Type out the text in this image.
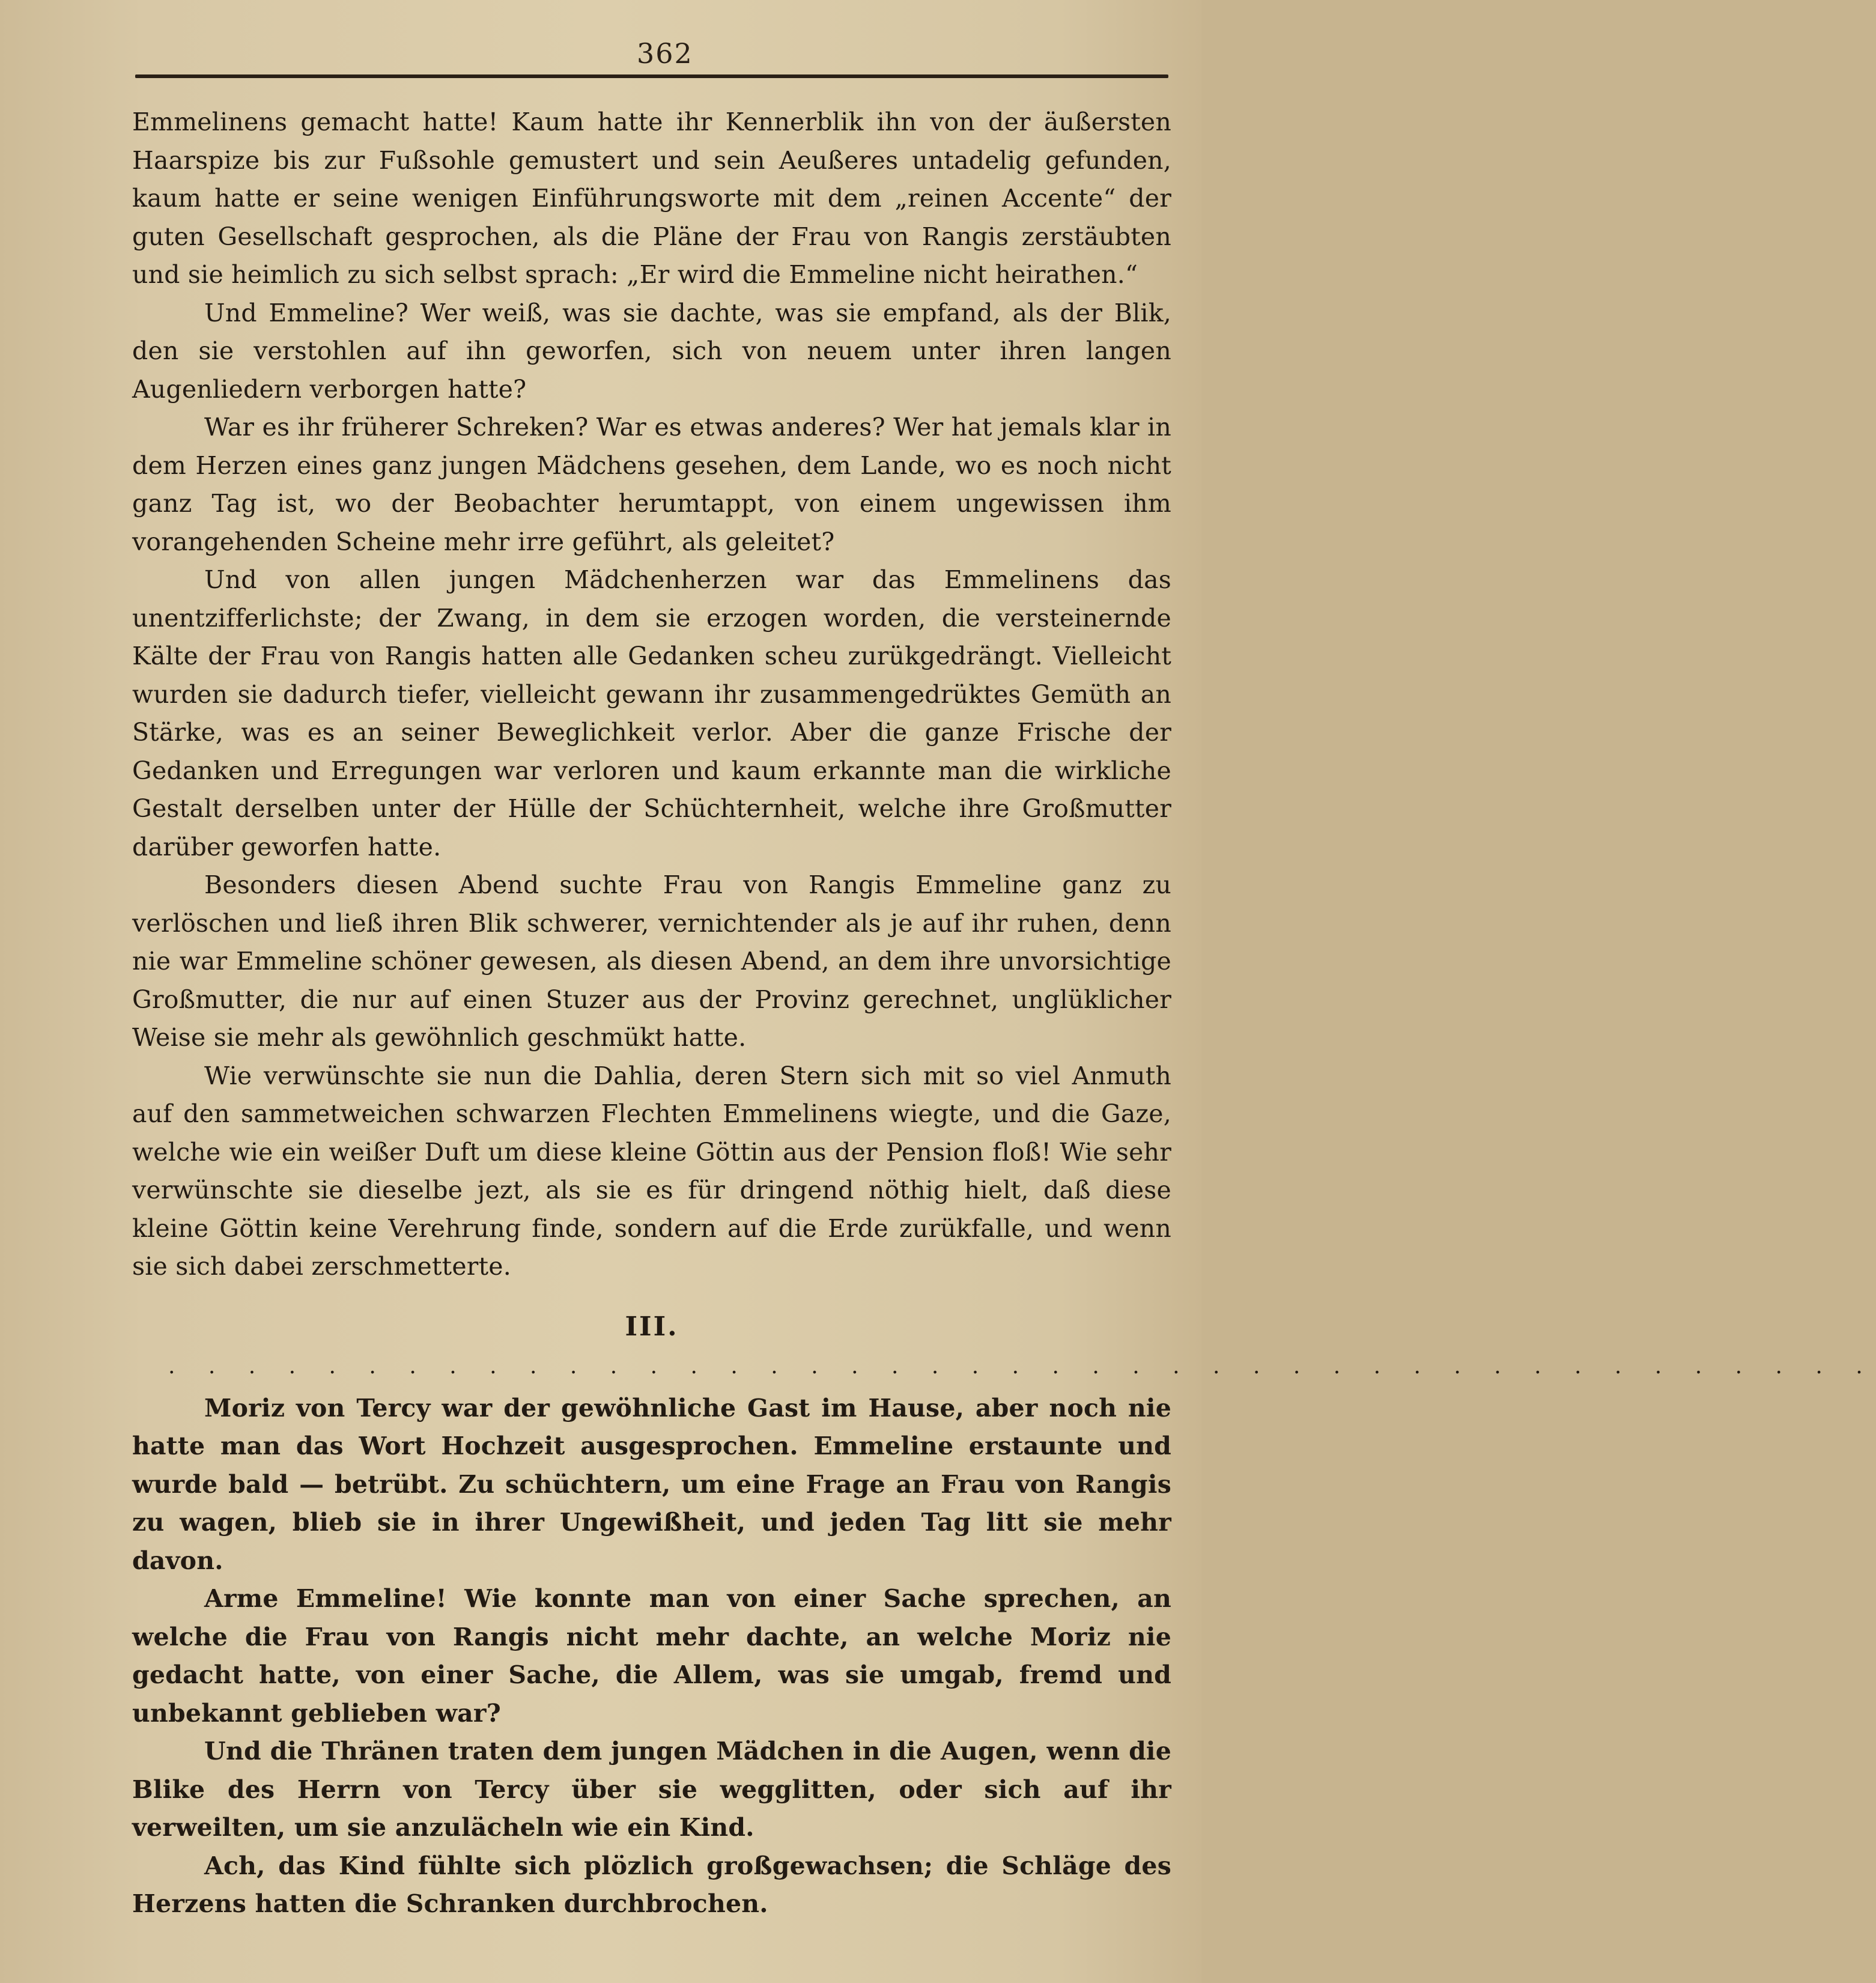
362

Emmelinens gemacht hatte! Kaum hatte ihr Kennerblik ihn von der äußersten Haarspize bis zur Fußsohle gemustert und sein Aeußeres untadelig gefunden, kaum hatte er seine wenigen Einführungsworte mit dem „reinen Accente“ der guten Gesellschaft gesprochen, als die Pläne der Frau von Rangis zerstäubten und sie heimlich zu sich selbst sprach: „Er wird die Emmeline nicht heirathen.“

Und Emmeline? Wer weiß, was sie dachte, was sie empfand, als der Blik, den sie verstohlen auf ihn geworfen, sich von neuem unter ihren langen Augenliedern verborgen hatte?

War es ihr früherer Schreken? War es etwas anderes? Wer hat jemals klar in dem Herzen eines ganz jungen Mädchens gesehen, dem Lande, wo es noch nicht ganz Tag ist, wo der Beobachter herumtappt, von einem ungewissen ihm vorangehenden Scheine mehr irre geführt, als geleitet?

Und von allen jungen Mädchenherzen war das Emmelinens das unentzifferlichste; der Zwang, in dem sie erzogen worden, die versteinernde Kälte der Frau von Rangis hatten alle Gedanken scheu zurükgedrängt. Vielleicht wurden sie dadurch tiefer, vielleicht gewann ihr zusammengedrüktes Gemüth an Stärke, was es an seiner Beweglichkeit verlor. Aber die ganze Frische der Gedanken und Erregungen war verloren und kaum erkannte man die wirkliche Gestalt derselben unter der Hülle der Schüchternheit, welche ihre Großmutter darüber geworfen hatte.

Besonders diesen Abend suchte Frau von Rangis Emmeline ganz zu verlöschen und ließ ihren Blik schwerer, vernichtender als je auf ihr ruhen, denn nie war Emmeline schöner gewesen, als diesen Abend, an dem ihre unvorsichtige Großmutter, die nur auf einen Stuzer aus der Provinz gerechnet, unglüklicher Weise sie mehr als gewöhnlich geschmükt hatte.

Wie verwünschte sie nun die Dahlia, deren Stern sich mit so viel Anmuth auf den sammetweichen schwarzen Flechten Emmelinens wiegte, und die Gaze, welche wie ein weißer Duft um diese kleine Göttin aus der Pension floß! Wie sehr verwünschte sie dieselbe jezt, als sie es für dringend nöthig hielt, daß diese kleine Göttin keine Verehrung finde, sondern auf die Erde zurükfalle, und wenn sie sich dabei zerschmetterte.

III.
. . . . . . . . . . . . . . . . . . . . . . . . . . . . . . . . . . . . . . . . . . .

Moriz von Tercy war der gewöhnliche Gast im Hause, aber noch nie hatte man das Wort Hochzeit ausgesprochen. Emmeline erstaunte und wurde bald — betrübt. Zu schüchtern, um eine Frage an Frau von Rangis zu wagen, blieb sie in ihrer Ungewißheit, und jeden Tag litt sie mehr davon.

Arme Emmeline! Wie konnte man von einer Sache sprechen, an welche die Frau von Rangis nicht mehr dachte, an welche Moriz nie gedacht hatte, von einer Sache, die Allem, was sie umgab, fremd und unbekannt geblieben war?

Und die Thränen traten dem jungen Mädchen in die Augen, wenn die Blike des Herrn von Tercy über sie wegglitten, oder sich auf ihr verweilten, um sie anzulächeln wie ein Kind.

Ach, das Kind fühlte sich plözlich großgewachsen; die Schläge des Herzens hatten die Schranken durchbrochen.
